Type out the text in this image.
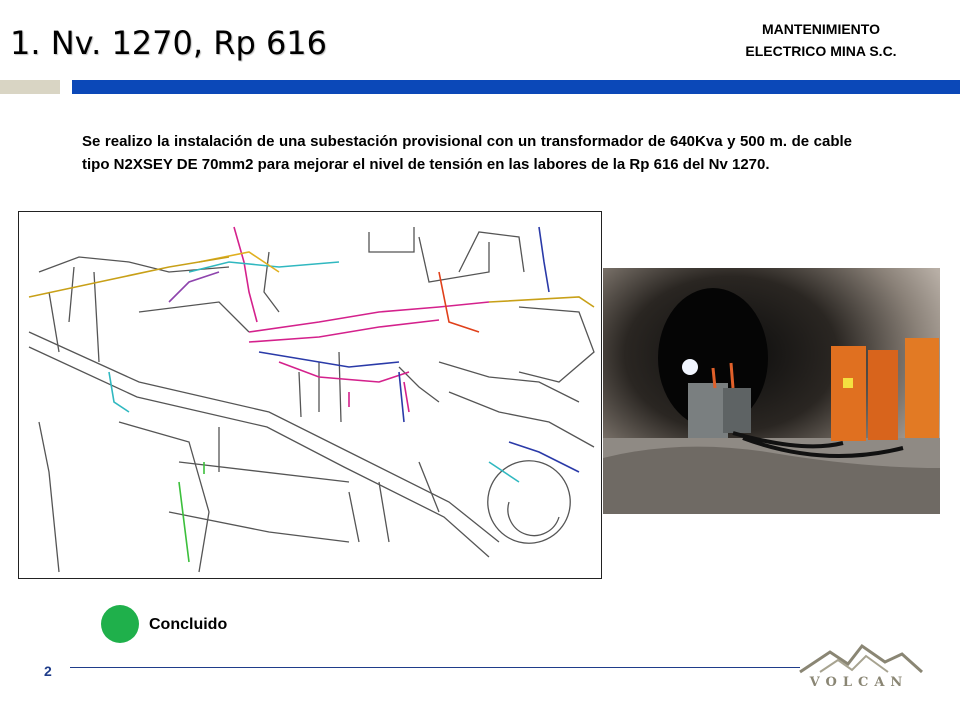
1. Nv. 1270, Rp 616	MANTENIMIENTO
ELECTRICO MINA S.C.
Se realizo la instalación de una subestación provisional con un transformador de 640Kva y 500 m. de cable tipo N2XSEY DE 70mm2 para mejorar el nivel de tensión en las labores de la Rp 616 del Nv 1270.
Concluido
2
VOLCAN
